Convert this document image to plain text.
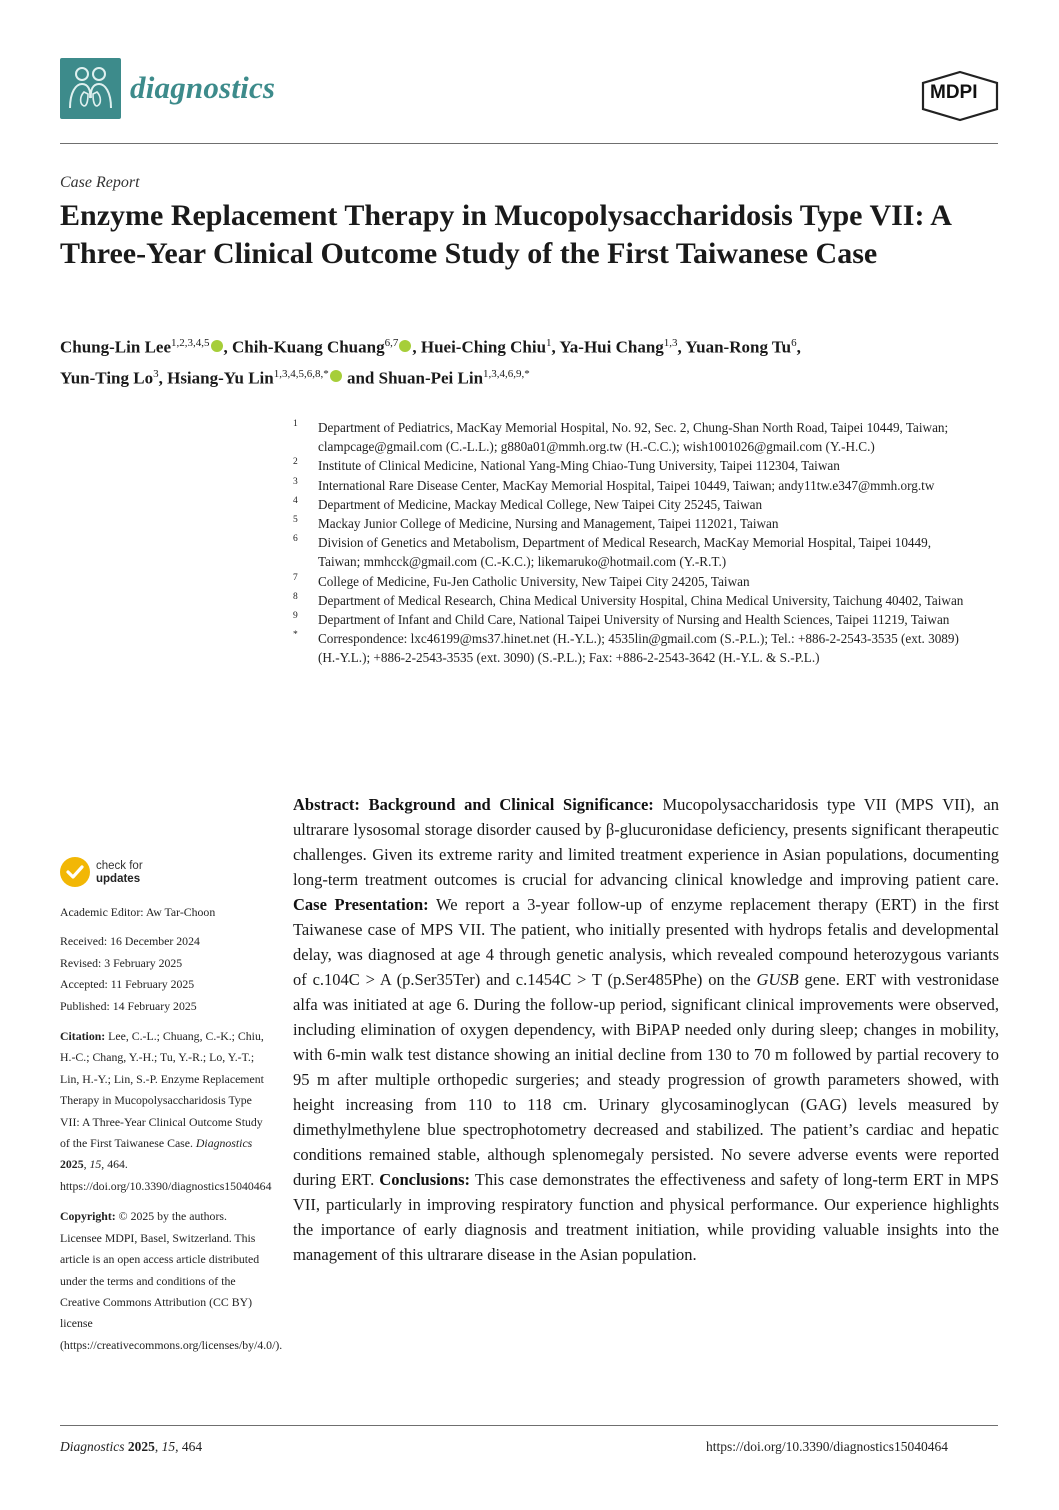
diagnostics	MDPI
Case Report
Enzyme Replacement Therapy in Mucopolysaccharidosis Type VII: A Three-Year Clinical Outcome Study of the First Taiwanese Case
Chung-Lin Lee$^{1,2,3,4,5}$ , Chih-Kuang Chuang$^{6,7}$ , Huei-Ching Chiu$^1$, Ya-Hui Chang$^{1,3}$, Yuan-Rong Tu$^6$,
Yun-Ting Lo$^3$, Hsiang-Yu Lin$^{1,3,4,5,6,8,*}$ and Shuan-Pei Lin$^{1,3,4,6,9,*}$
1 Department of Pediatrics, MacKay Memorial Hospital, No. 92, Sec. 2, Chung-Shan North Road, Taipei 10449, Taiwan; clampcage@gmail.com (C.-L.L.); g880a01@mmh.org.tw (H.-C.C.); wish1001026@gmail.com (Y.-H.C.)
2 Institute of Clinical Medicine, National Yang-Ming Chiao-Tung University, Taipei 112304, Taiwan
3 International Rare Disease Center, MacKay Memorial Hospital, Taipei 10449, Taiwan; andy11tw.e347@mmh.org.tw
4 Department of Medicine, Mackay Medical College, New Taipei City 25245, Taiwan
5 Mackay Junior College of Medicine, Nursing and Management, Taipei 112021, Taiwan
6 Division of Genetics and Metabolism, Department of Medical Research, MacKay Memorial Hospital, Taipei 10449, Taiwan; mmhcck@gmail.com (C.-K.C.); likemaruko@hotmail.com (Y.-R.T.)
7 College of Medicine, Fu-Jen Catholic University, New Taipei City 24205, Taiwan
8 Department of Medical Research, China Medical University Hospital, China Medical University, Taichung 40402, Taiwan
9 Department of Infant and Child Care, National Taipei University of Nursing and Health Sciences, Taipei 11219, Taiwan
* Correspondence: lxc46199@ms37.hinet.net (H.-Y.L.); 4535lin@gmail.com (S.-P.L.); Tel.: +886-2-2543-3535 (ext. 3089) (H.-Y.L.); +886-2-2543-3535 (ext. 3090) (S.-P.L.); Fax: +886-2-2543-3642 (H.-Y.L. & S.-P.L.)
Abstract: Background and Clinical Significance: Mucopolysaccharidosis type VII (MPS VII), an ultrarare lysosomal storage disorder caused by β-glucuronidase deficiency, presents significant therapeutic challenges. Given its extreme rarity and limited treatment experience in Asian populations, documenting long-term treatment outcomes is crucial for advancing clinical knowledge and improving patient care. Case Presentation: We report a 3-year follow-up of enzyme replacement therapy (ERT) in the first Taiwanese case of MPS VII. The patient, who initially presented with hydrops fetalis and developmental delay, was diagnosed at age 4 through genetic analysis, which revealed compound heterozygous variants of c.104C > A (p.Ser35Ter) and c.1454C > T (p.Ser485Phe) on the GUSB gene. ERT with vestronidase alfa was initiated at age 6. During the follow-up period, significant clinical improvements were observed, including elimination of oxygen dependency, with BiPAP needed only during sleep; changes in mobility, with 6-min walk test distance showing an initial decline from 130 to 70 m followed by partial recovery to 95 m after multiple orthopedic surgeries; and steady progression of growth parameters showed, with height increasing from 110 to 118 cm. Urinary glycosaminoglycan (GAG) levels measured by dimethylmethylene blue spectrophotometry decreased and stabilized. The patient’s cardiac and hepatic conditions remained stable, although splenomegaly persisted. No severe adverse events were reported during ERT. Conclusions: This case demonstrates the effectiveness and safety of long-term ERT in MPS VII, particularly in improving respiratory function and physical performance. Our experience highlights the importance of early diagnosis and treatment initiation, while providing valuable insights into the management of this ultrarare disease in the Asian population.
check for
updates
Academic Editor: Aw Tar-Choon
Received: 16 December 2024
Revised: 3 February 2025
Accepted: 11 February 2025
Published: 14 February 2025
Citation: Lee, C.-L.; Chuang, C.-K.; Chiu, H.-C.; Chang, Y.-H.; Tu, Y.-R.; Lo, Y.-T.; Lin, H.-Y.; Lin, S.-P. Enzyme Replacement Therapy in Mucopolysaccharidosis Type VII: A Three-Year Clinical Outcome Study of the First Taiwanese Case. Diagnostics 2025, 15, 464. https://doi.org/10.3390/diagnostics15040464
Copyright: © 2025 by the authors. Licensee MDPI, Basel, Switzerland. This article is an open access article distributed under the terms and conditions of the Creative Commons Attribution (CC BY) license (https://creativecommons.org/licenses/by/4.0/).
Diagnostics 2025, 15, 464	https://doi.org/10.3390/diagnostics15040464
